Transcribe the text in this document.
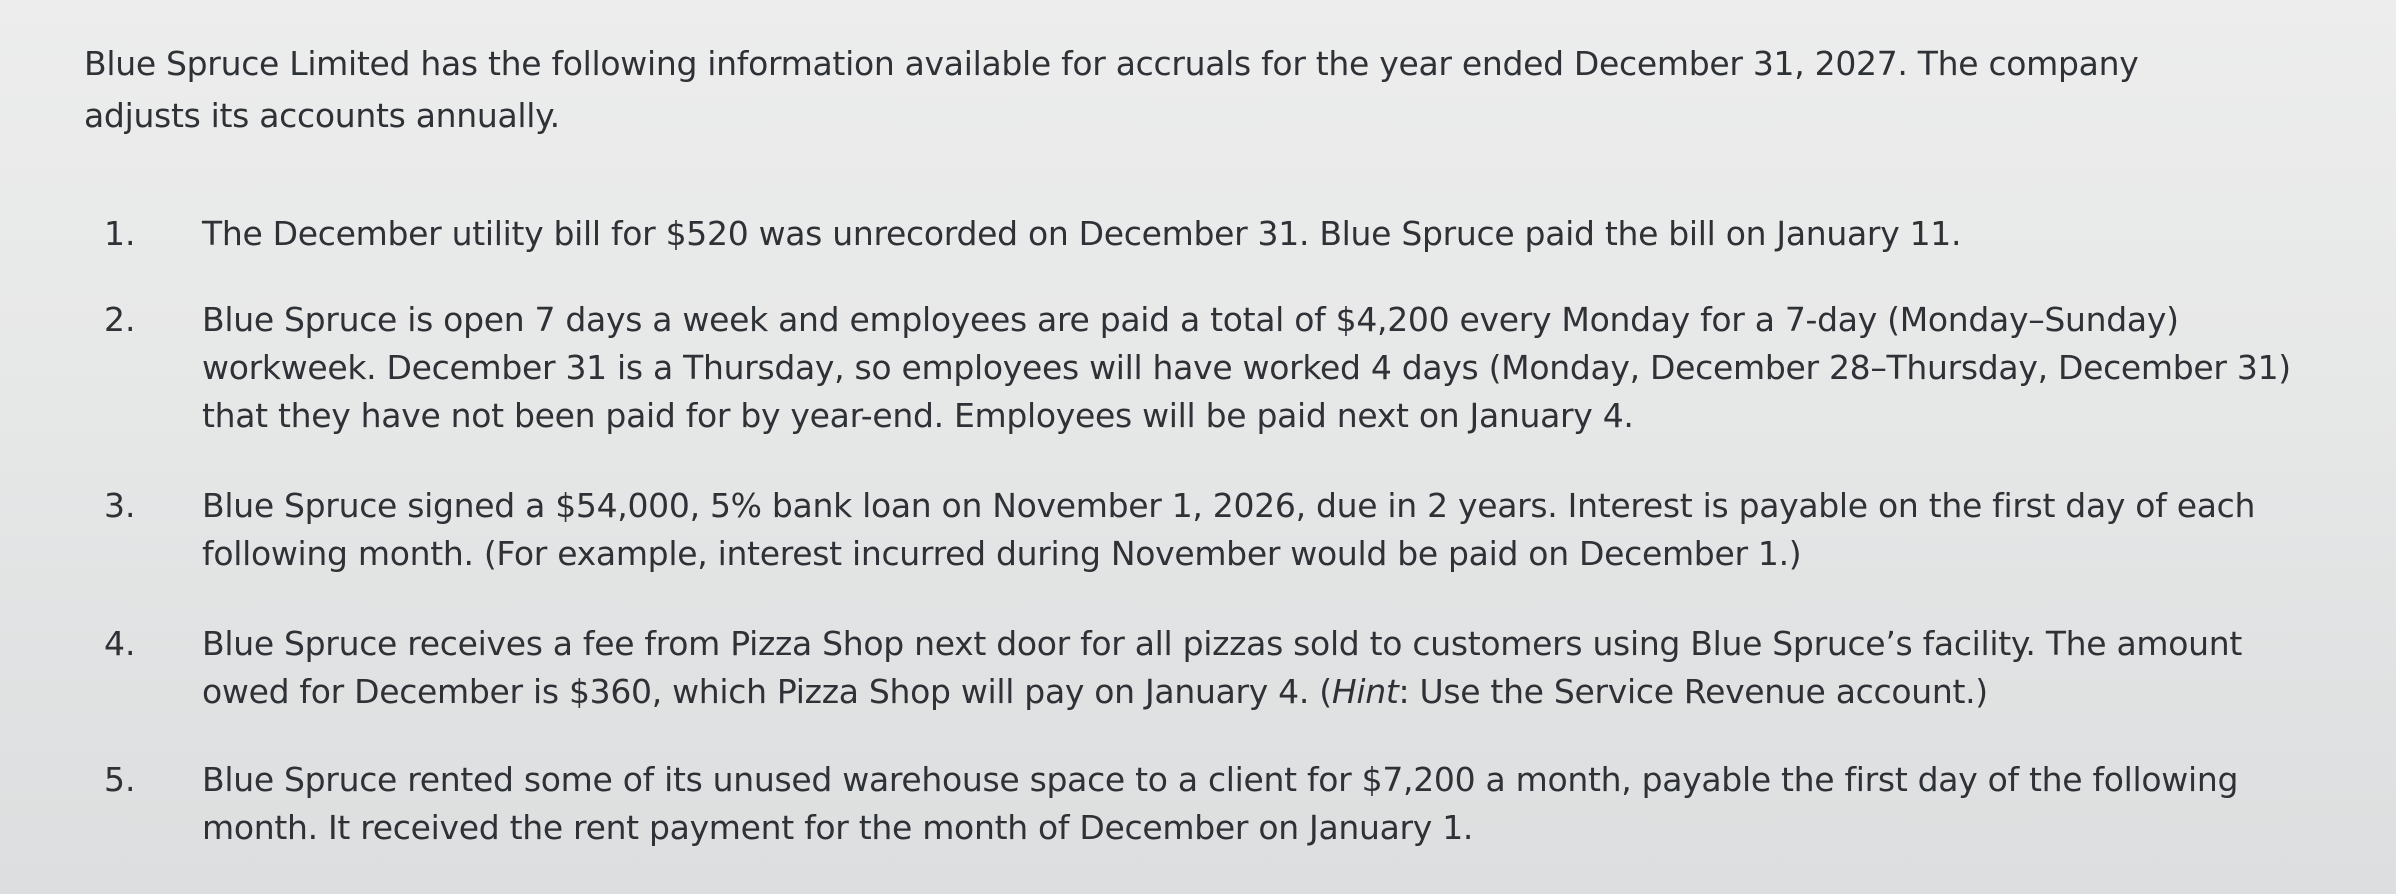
Blue Spruce Limited has the following information available for accruals for the year ended December 31, 2027. The company adjusts its accounts annually.

1. The December utility bill for $520 was unrecorded on December 31. Blue Spruce paid the bill on January 11.
2. Blue Spruce is open 7 days a week and employees are paid a total of $4,200 every Monday for a 7-day (Monday–Sunday) workweek. December 31 is a Thursday, so employees will have worked 4 days (Monday, December 28–Thursday, December 31) that they have not been paid for by year-end. Employees will be paid next on January 4.
3. Blue Spruce signed a $54,000, 5% bank loan on November 1, 2026, due in 2 years. Interest is payable on the first day of each following month. (For example, interest incurred during November would be paid on December 1.)
4. Blue Spruce receives a fee from Pizza Shop next door for all pizzas sold to customers using Blue Spruce’s facility. The amount owed for December is $360, which Pizza Shop will pay on January 4. (Hint: Use the Service Revenue account.)
5. Blue Spruce rented some of its unused warehouse space to a client for $7,200 a month, payable the first day of the following month. It received the rent payment for the month of December on January 1.
